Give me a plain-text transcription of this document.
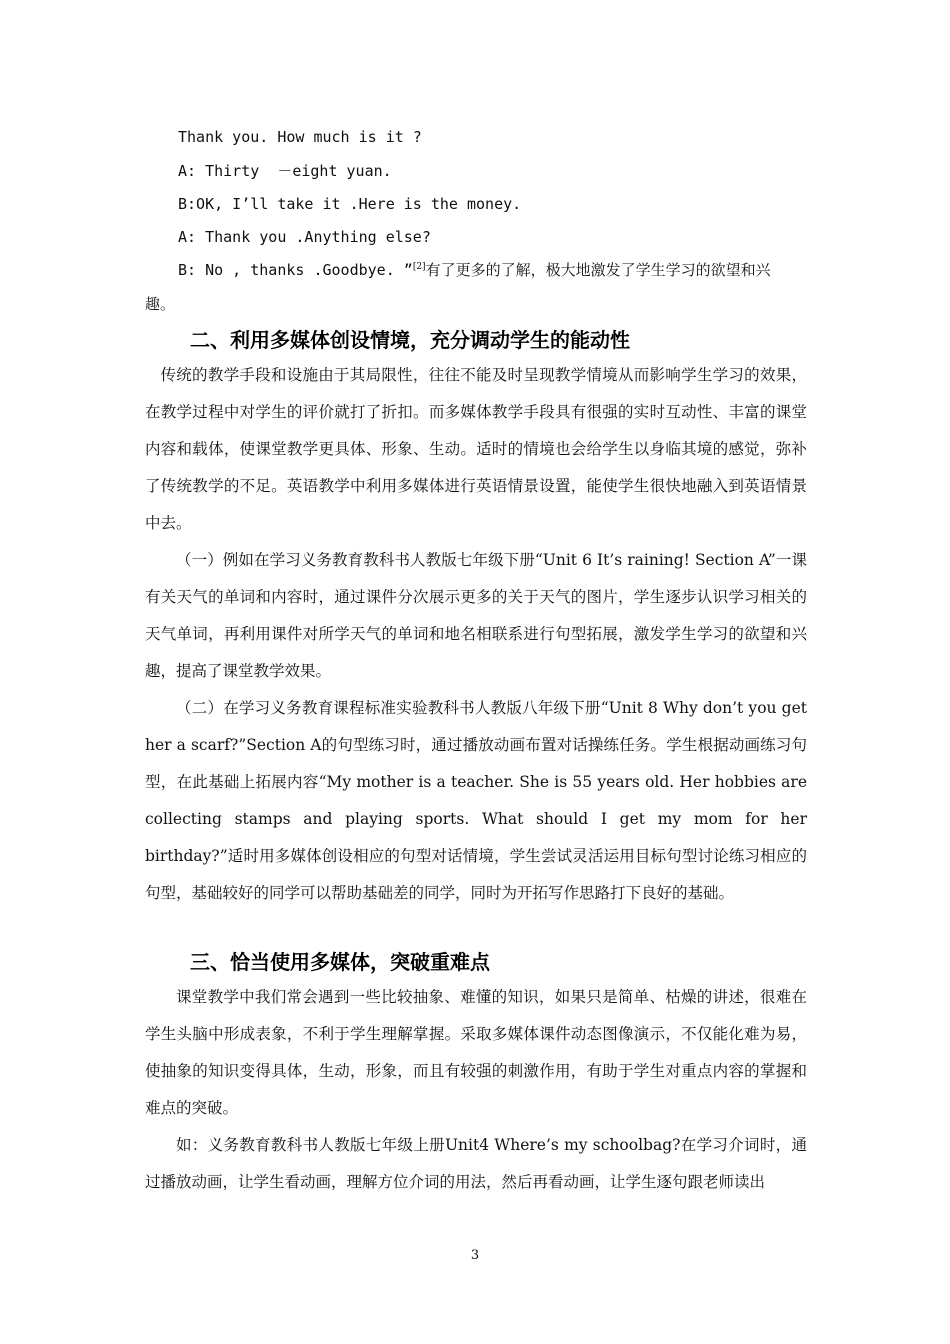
Thank you. How much is it ?
A: Thirty  －eight yuan.
B:OK, I’ll take it .Here is the money.
A: Thank you .Anything else?
B: No , thanks .Goodbye. ”[2]有了更多的了解，极大地激发了学生学习的欲望和兴
趣。
二、利用多媒体创设情境，充分调动学生的能动性

传统的教学手段和设施由于其局限性，往往不能及时呈现教学情境从而影响学生学习的效果，在教学过程中对学生的评价就打了折扣。而多媒体教学手段具有很强的实时互动性、丰富的课堂内容和载体，使课堂教学更具体、形象、生动。适时的情境也会给学生以身临其境的感觉，弥补了传统教学的不足。英语教学中利用多媒体进行英语情景设置，能使学生很快地融入到英语情景中去。

（一）例如在学习义务教育教科书人教版七年级下册“Unit 6 It’s raining! Section A”一课有关天气的单词和内容时，通过课件分次展示更多的关于天气的图片，学生逐步认识学习相关的天气单词，再利用课件对所学天气的单词和地名相联系进行句型拓展，激发学生学习的欲望和兴趣，提高了课堂教学效果。

（二）在学习义务教育课程标准实验教科书人教版八年级下册“Unit 8 Why don’t you get her a scarf?”Section A的句型练习时，通过播放动画布置对话操练任务。学生根据动画练习句型，在此基础上拓展内容“My mother is a teacher. She is 55 years old. Her hobbies are collecting stamps and playing sports. What should I get my mom for her birthday?”适时用多媒体创设相应的句型对话情境，学生尝试灵活运用目标句型讨论练习相应的句型，基础较好的同学可以帮助基础差的同学，同时为开拓写作思路打下良好的基础。

三、恰当使用多媒体，突破重难点

课堂教学中我们常会遇到一些比较抽象、难懂的知识，如果只是简单、枯燥的讲述，很难在学生头脑中形成表象，不利于学生理解掌握。采取多媒体课件动态图像演示，不仅能化难为易，使抽象的知识变得具体，生动，形象，而且有较强的刺激作用，有助于学生对重点内容的掌握和难点的突破。

如：义务教育教科书人教版七年级上册Unit4 Where’s my schoolbag?在学习介词时，通过播放动画，让学生看动画，理解方位介词的用法，然后再看动画，让学生逐句跟老师读出

3
